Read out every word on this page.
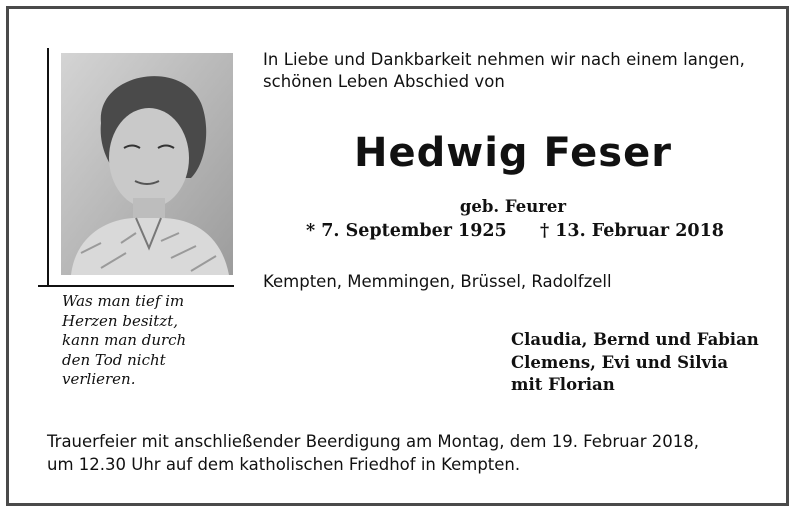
Was man tief im
Herzen besitzt,
kann man durch
den Tod nicht
verlieren.
In Liebe und Dankbarkeit nehmen wir nach einem langen,
schönen Leben Abschied von
Hedwig Feser
geb. Feurer
* 7. September 1925 † 13. Februar 2018
Kempten, Memmingen, Brüssel, Radolfzell
Claudia, Bernd und Fabian
Clemens, Evi und Silvia
mit Florian
Trauerfeier mit anschließender Beerdigung am Montag, dem 19. Februar 2018,
um 12.30 Uhr auf dem katholischen Friedhof in Kempten.
